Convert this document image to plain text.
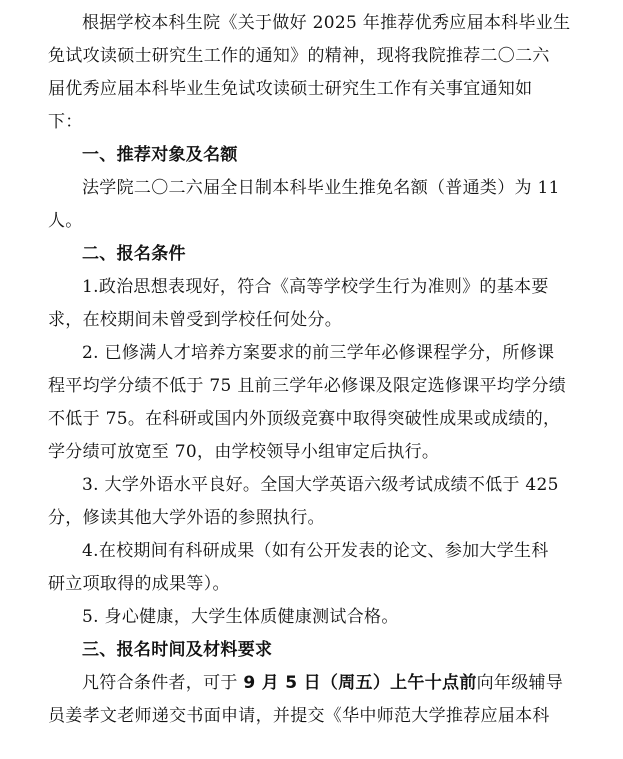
根据学校本科生院《关于做好 2025 年推荐优秀应届本科毕业生
免试攻读硕士研究生工作的通知》的精神，现将我院推荐二〇二六
届优秀应届本科毕业生免试攻读硕士研究生工作有关事宜通知如
下：
一、推荐对象及名额
法学院二〇二六届全日制本科毕业生推免名额（普通类）为 11
人。
二、报名条件
1.政治思想表现好，符合《高等学校学生行为准则》的基本要
求，在校期间未曾受到学校任何处分。
2. 已修满人才培养方案要求的前三学年必修课程学分，所修课
程平均学分绩不低于 75 且前三学年必修课及限定选修课平均学分绩
不低于 75。在科研或国内外顶级竞赛中取得突破性成果或成绩的，
学分绩可放宽至 70，由学校领导小组审定后执行。
3. 大学外语水平良好。全国大学英语六级考试成绩不低于 425
分，修读其他大学外语的参照执行。
4.在校期间有科研成果（如有公开发表的论文、参加大学生科
研立项取得的成果等）。
5. 身心健康，大学生体质健康测试合格。
三、报名时间及材料要求
凡符合条件者，可于 9 月 5 日（周五）上午十点前向年级辅导
员姜孝文老师递交书面申请，并提交《华中师范大学推荐应届本科
